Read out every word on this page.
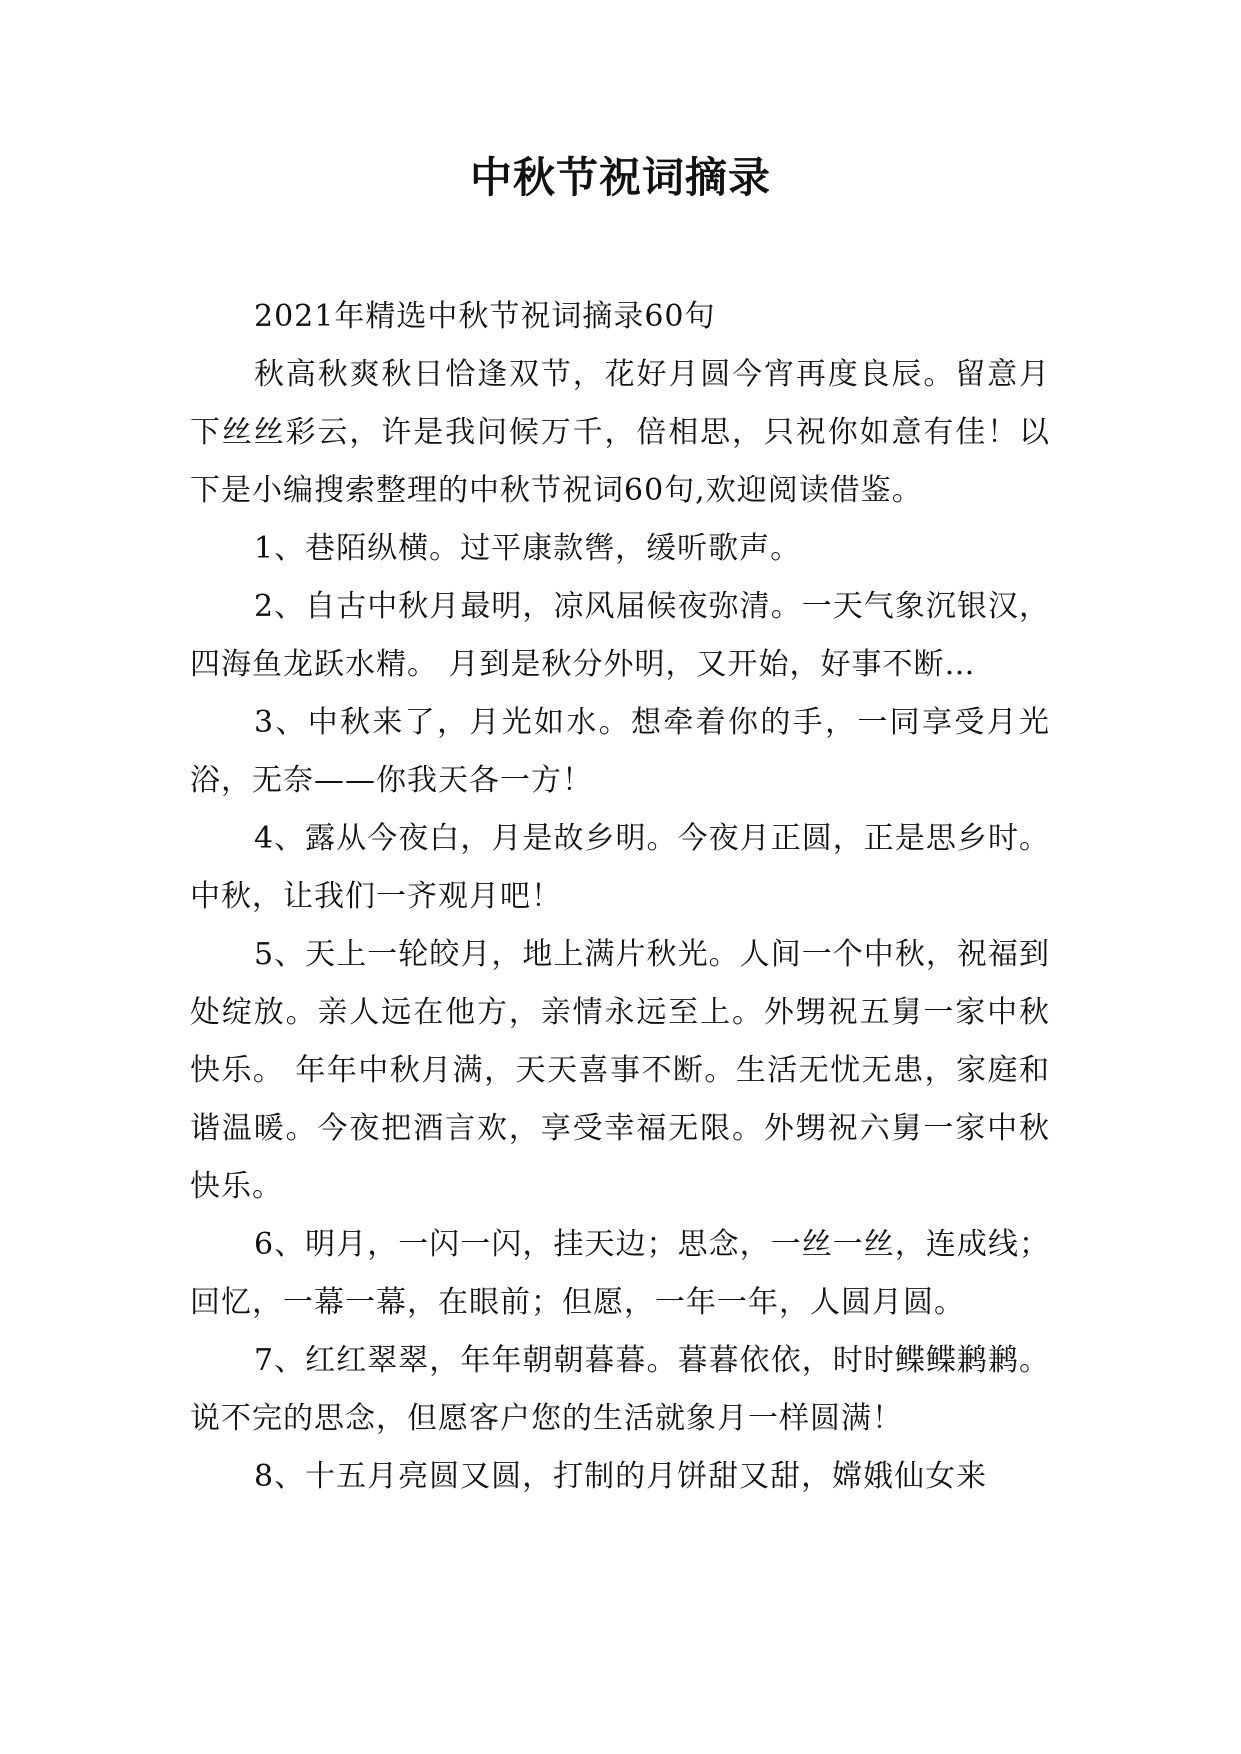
中秋节祝词摘录

2021年精选中秋节祝词摘录60句

秋高秋爽秋日恰逢双节，花好月圆今宵再度良辰。留意月下丝丝彩云，许是我问候万千，倍相思，只祝你如意有佳！以下是小编搜索整理的中秋节祝词60句,欢迎阅读借鉴。

1、巷陌纵横。过平康款辔，缓听歌声。

2、自古中秋月最明，凉风届候夜弥清。一天气象沉银汉，四海鱼龙跃水精。 月到是秋分外明，又开始，好事不断…

3、中秋来了，月光如水。想牵着你的手，一同享受月光浴，无奈——你我天各一方！

4、露从今夜白，月是故乡明。今夜月正圆，正是思乡时。中秋，让我们一齐观月吧！

5、天上一轮皎月，地上满片秋光。人间一个中秋，祝福到处绽放。亲人远在他方，亲情永远至上。外甥祝五舅一家中秋快乐。 年年中秋月满，天天喜事不断。生活无忧无患，家庭和谐温暖。今夜把酒言欢，享受幸福无限。外甥祝六舅一家中秋快乐。

6、明月，一闪一闪，挂天边；思念，一丝一丝，连成线；回忆，一幕一幕，在眼前；但愿，一年一年，人圆月圆。

7、红红翠翠，年年朝朝暮暮。暮暮依依，时时鲽鲽鹣鹣。说不完的思念，但愿客户您的生活就象月一样圆满！

8、十五月亮圆又圆，打制的月饼甜又甜，嫦娥仙女来
